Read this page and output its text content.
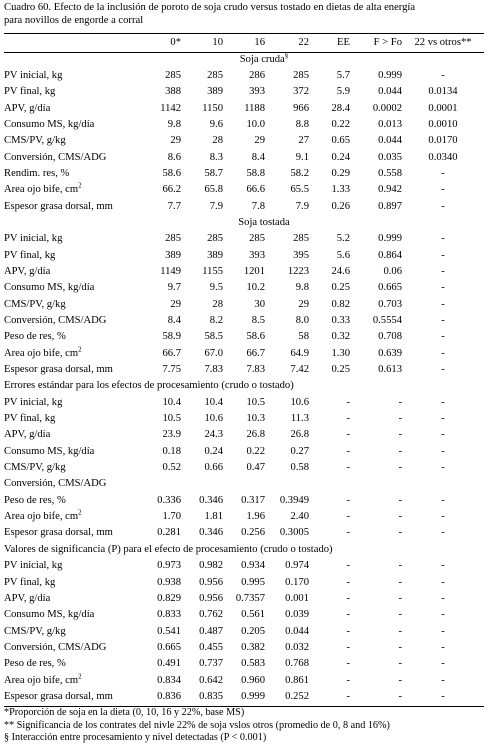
Cuadro 60. Efecto de la inclusión de poroto de soja crudo versus tostado en dietas de alta energía
para novillos de engorde a corral
	0*	10	16	22	EE	F > Fo	22 vs otros**
Soja cruda§
PV inicial, kg	285	285	286	285	5.7	0.999	-
PV final, kg	388	389	393	372	5.9	0.044	0.0134
APV, g/día	1142	1150	1188	966	28.4	0.0002	0.0001
Consumo MS, kg/día	9.8	9.6	10.0	8.8	0.22	0.013	0.0010
CMS/PV, g/kg	29	28	29	27	0.65	0.044	0.0170
Conversión, CMS/ADG	8.6	8.3	8.4	9.1	0.24	0.035	0.0340
Rendim. res, %	58.6	58.7	58.8	58.2	0.29	0.558	-
Area ojo bife, $cm^2$	66.2	65.8	66.6	65.5	1.33	0.942	-
Espesor grasa dorsal, mm	7.7	7.9	7.8	7.9	0.26	0.897	-
Soja tostada							
PV inicial, kg	285	285	285	285	5.2	0.999	-
PV final, kg	389	389	393	395	5.6	0.864	-
APV, g/día	1149	1155	1201	1223	24.6	0.06	-
Consumo MS, kg/día	9.7	9.5	10.2	9.8	0.25	0.665	-
CMS/PV, g/kg	29	28	30	29	0.82	0.703	-
Conversión, CMS/ADG	8.4	8.2	8.5	8.0	0.33	0.5554	-
Peso de res, %	58.9	58.5	58.6	58	0.32	0.708	-
Area ojo bife, $cm^2$	66.7	67.0	66.7	64.9	1.30	0.639	-
Espesor grasa dorsal, mm	7.75	7.83	7.83	7.42	0.25	0.613	-
Errores estándar para los efectos de procesamiento (crudo o tostado)							
PV inicial, kg	10.4	10.4	10.5	10.6	-	-	-
PV final, kg	10.5	10.6	10.3	11.3	-	-	-
APV, g/día	23.9	24.3	26.8	26.8	-	-	-
Consumo MS, kg/día	0.18	0.24	0.22	0.27	-	-	-
CMS/PV, g/kg	0.52	0.66	0.47	0.58	-	-	-
Conversión, CMS/ADG							
Peso de res, %	0.336	0.346	0.317	0.3949	-	-	-
Area ojo bife, $cm^2$	1.70	1.81	1.96	2.40	-	-	-
Espesor grasa dorsal, mm	0.281	0.346	0.256	0.3005	-	-	-
Valores de significancia (P) para el efecto de procesamiento (crudo o tostado)							
PV inicial, kg	0.973	0.982	0.934	0.974	-	-	-
PV final, kg	0.938	0.956	0.995	0.170	-	-	-
APV, g/día	0.829	0.956	0.7357	0.001	-	-	-
Consumo MS, kg/día	0.833	0.762	0.561	0.039	-	-	-
CMS/PV, g/kg	0.541	0.487	0.205	0.044	-	-	-
Conversión, CMS/ADG	0.665	0.455	0.382	0.032	-	-	-
Peso de res, %	0.491	0.737	0.583	0.768	-	-	-
Area ojo bife, $cm^2$	0.834	0.642	0.960	0.861	-	-	-
Espesor grasa dorsal, mm	0.836	0.835	0.999	0.252	-	-	-
*Proporción de soja en la dieta (0, 10, 16 y 22%, base MS)
** Significancia de los contrates del nivle 22% de soja vslos otros (promedio de 0, 8 and 16%)
§ Interacción entre procesamiento y nivel detectadas (P < 0.001)
